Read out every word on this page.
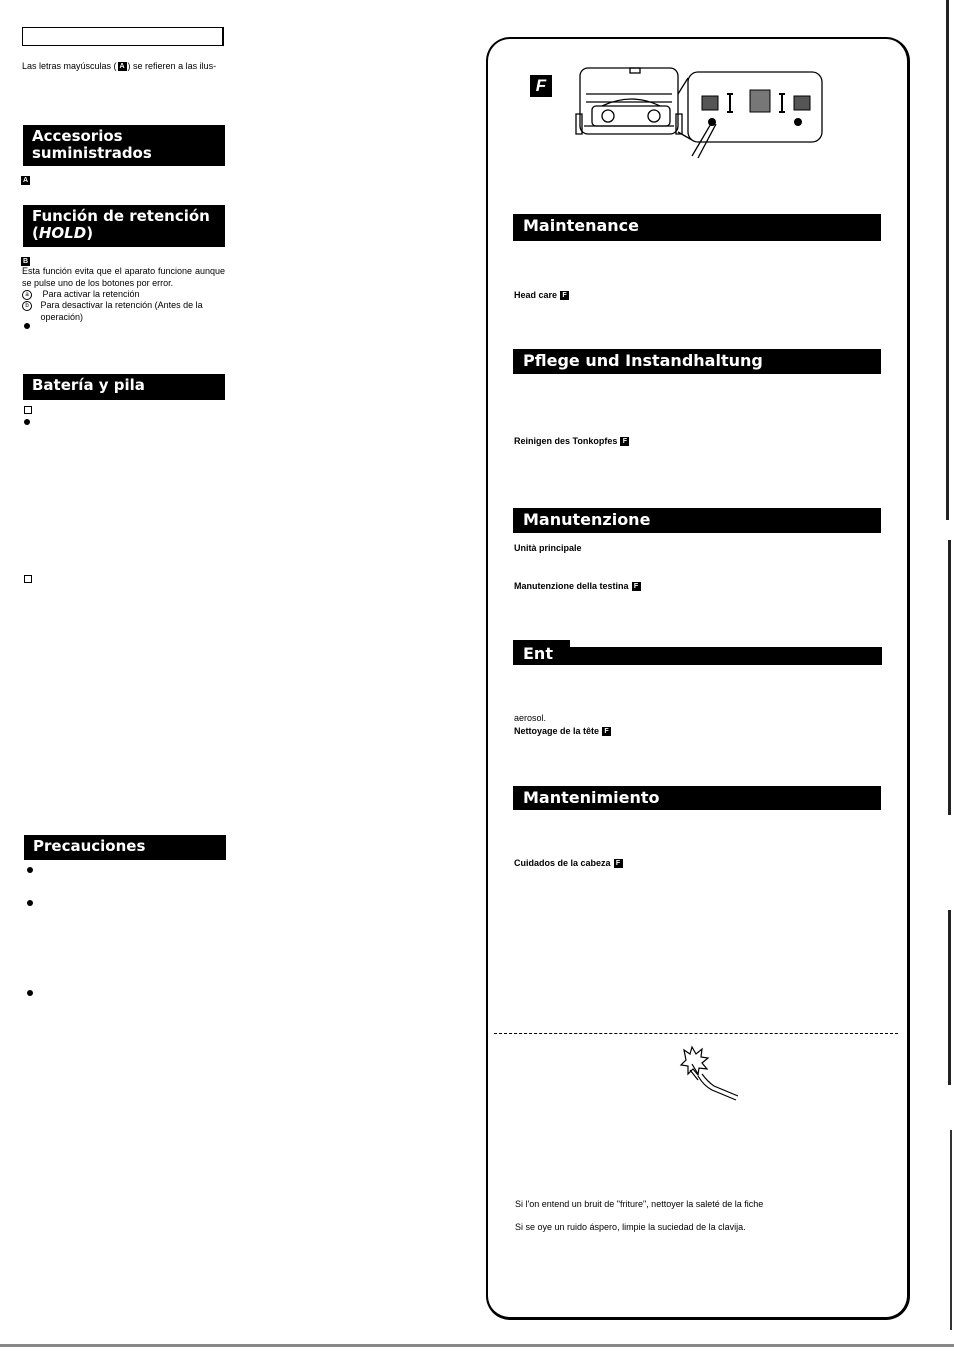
Las letras mayúsculas ( A ) se refieren a las ilus-
Accesorios suministrados
A
Función de retención
(HOLD)
B
Esta función evita que el aparato funcione aunque se pulse uno de los botones por error.
a Para activar la retención
b Para desactivar la retención (Antes de la operación)
Batería y pila
Precauciones
F
Maintenance
Head care F
Pflege und Instandhaltung
Reinigen des Tonkopfes F
Manutenzione
Unità principale
Manutenzione della testina F
Ent
aerosol.
Nettoyage de la tête F
Mantenimiento
Cuidados de la cabeza F
Si l'on entend un bruit de "friture", nettoyer la saleté de la fiche
Si se oye un ruido áspero, limpie la suciedad de la clavija.
